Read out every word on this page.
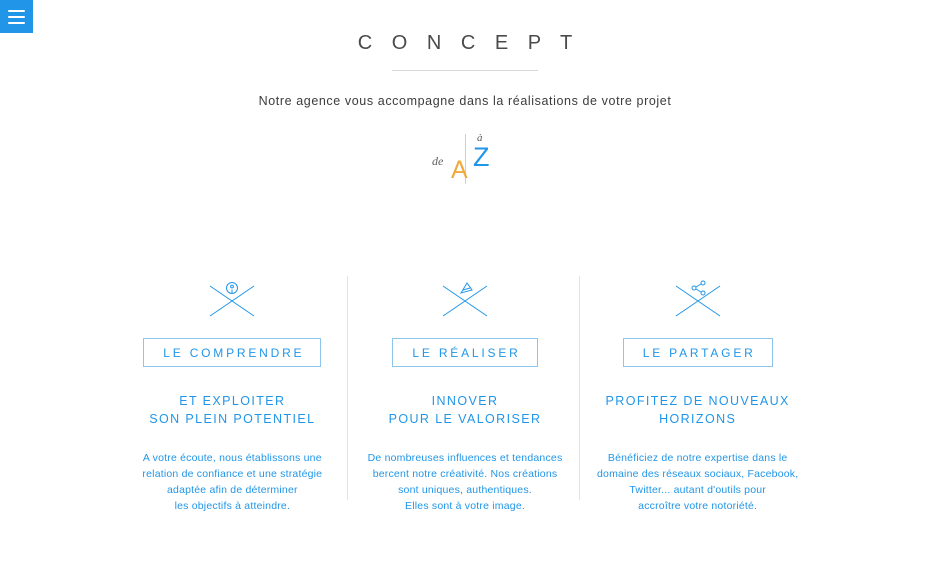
C O N C E P T

Notre agence vous accompagne dans la réalisations de votre projet

de A
à
Z
LE COMPRENDRE
ET EXPLOITER
SON PLEIN POTENTIEL
A votre écoute, nous établissons une
relation de confiance et une stratégie
adaptée afin de déterminer
les objectifs à atteindre.
LE RÉALISER
INNOVER
POUR LE VALORISER
De nombreuses influences et tendances
bercent notre créativité. Nos créations
sont uniques, authentiques.
Elles sont à votre image.
LE PARTAGER
PROFITEZ DE NOUVEAUX
HORIZONS
Bénéficiez de notre expertise dans le
domaine des réseaux sociaux, Facebook,
Twitter... autant d'outils pour
accroître votre notoriété.
